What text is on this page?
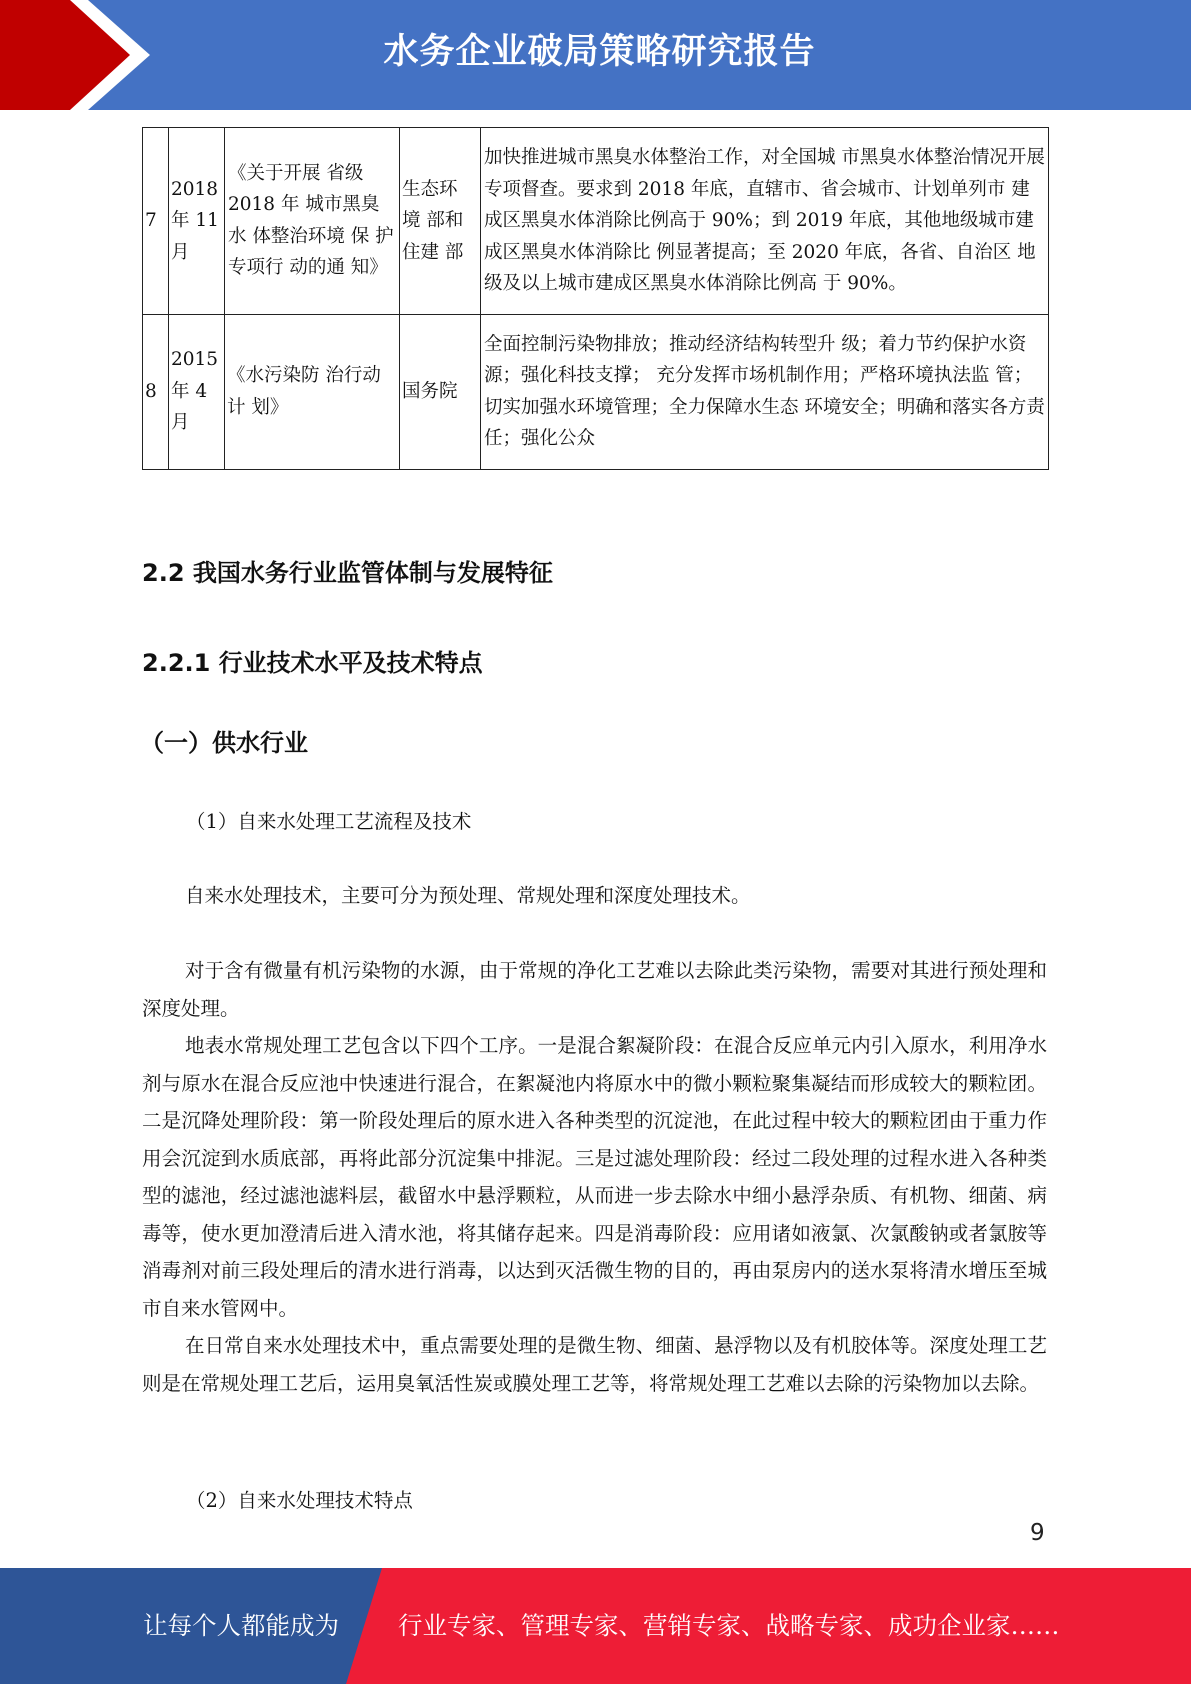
水务企业破局策略研究报告
7	2018 年 11 月	《关于开展 省级 2018 年 城市黑臭 水 体整治环境 保 护专项行 动的通 知》	生态环 境 部和 住建 部	加快推进城市黑臭水体整治工作，对全国城 市黑臭水体整治情况开展专项督查。要求到 2018 年底，直辖市、省会城市、计划单列市 建成区黑臭水体消除比例高于 90%；到 2019 年底，其他地级城市建成区黑臭水体消除比 例显著提高；至 2020 年底，各省、自治区 地级及以上城市建成区黑臭水体消除比例高 于 90%。
8	2015 年 4 月	《水污染防 治行动计 划》	国务院	全面控制污染物排放；推动经济结构转型升 级；着力节约保护水资源；强化科技支撑； 充分发挥市场机制作用；严格环境执法监 管；切实加强水环境管理；全力保障水生态 环境安全；明确和落实各方责任；强化公众
2.2 我国水务行业监管体制与发展特征
2.2.1 行业技术水平及技术特点
（一）供水行业
（1）自来水处理工艺流程及技术

自来水处理技术，主要可分为预处理、常规处理和深度处理技术。

对于含有微量有机污染物的水源，由于常规的净化工艺难以去除此类污染物，需要对其进行预处理和深度处理。

地表水常规处理工艺包含以下四个工序。一是混合絮凝阶段：在混合反应单元内引入原水，利用净水剂与原水在混合反应池中快速进行混合，在絮凝池内将原水中的微小颗粒聚集凝结而形成较大的颗粒团。二是沉降处理阶段：第一阶段处理后的原水进入各种类型的沉淀池，在此过程中较大的颗粒团由于重力作用会沉淀到水质底部，再将此部分沉淀集中排泥。三是过滤处理阶段：经过二段处理的过程水进入各种类型的滤池，经过滤池滤料层，截留水中悬浮颗粒，从而进一步去除水中细小悬浮杂质、有机物、细菌、病毒等，使水更加澄清后进入清水池，将其储存起来。四是消毒阶段：应用诸如液氯、次氯酸钠或者氯胺等消毒剂对前三段处理后的清水进行消毒，以达到灭活微生物的目的，再由泵房内的送水泵将清水增压至城市自来水管网中。

在日常自来水处理技术中，重点需要处理的是微生物、细菌、悬浮物以及有机胶体等。深度处理工艺则是在常规处理工艺后，运用臭氧活性炭或膜处理工艺等，将常规处理工艺难以去除的污染物加以去除。

（2）自来水处理技术特点
9
让每个人都能成为 行业专家、管理专家、营销专家、战略专家、成功企业家……
